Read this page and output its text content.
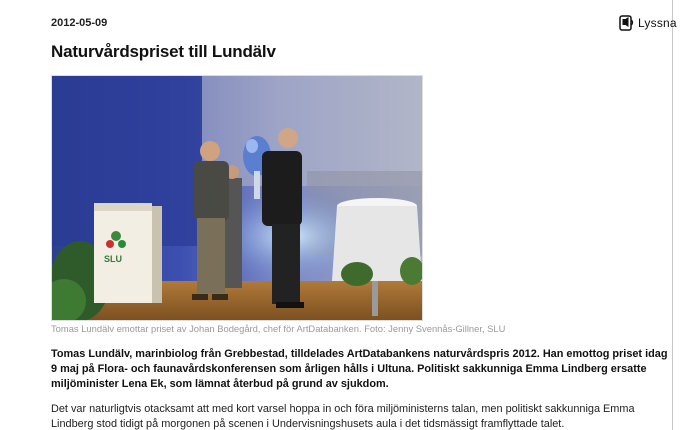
2012-05-09	Lyssna
Naturvårdspriset till Lundälv
SLU
Tomas Lundälv emottar priset av Johan Bodegård, chef för ArtDatabanken. Foto: Jenny Svennås-Gillner, SLU

Tomas Lundälv, marinbiolog från Grebbestad, tilldelades ArtDatabankens naturvårdspris 2012. Han emottog priset idag 9 maj på Flora- och faunavårdskonferensen som årligen hålls i Ultuna. Politiskt sakkunniga Emma Lindberg ersatte miljöminister Lena Ek, som lämnat återbud på grund av sjukdom.

Det var naturligtvis otacksamt att med kort varsel hoppa in och föra miljöministerns talan, men politiskt sakkunniga Emma Lindberg stod tidigt på morgonen på scenen i Undervisningshusets aula i det tidsmässigt framflyttade talet.
